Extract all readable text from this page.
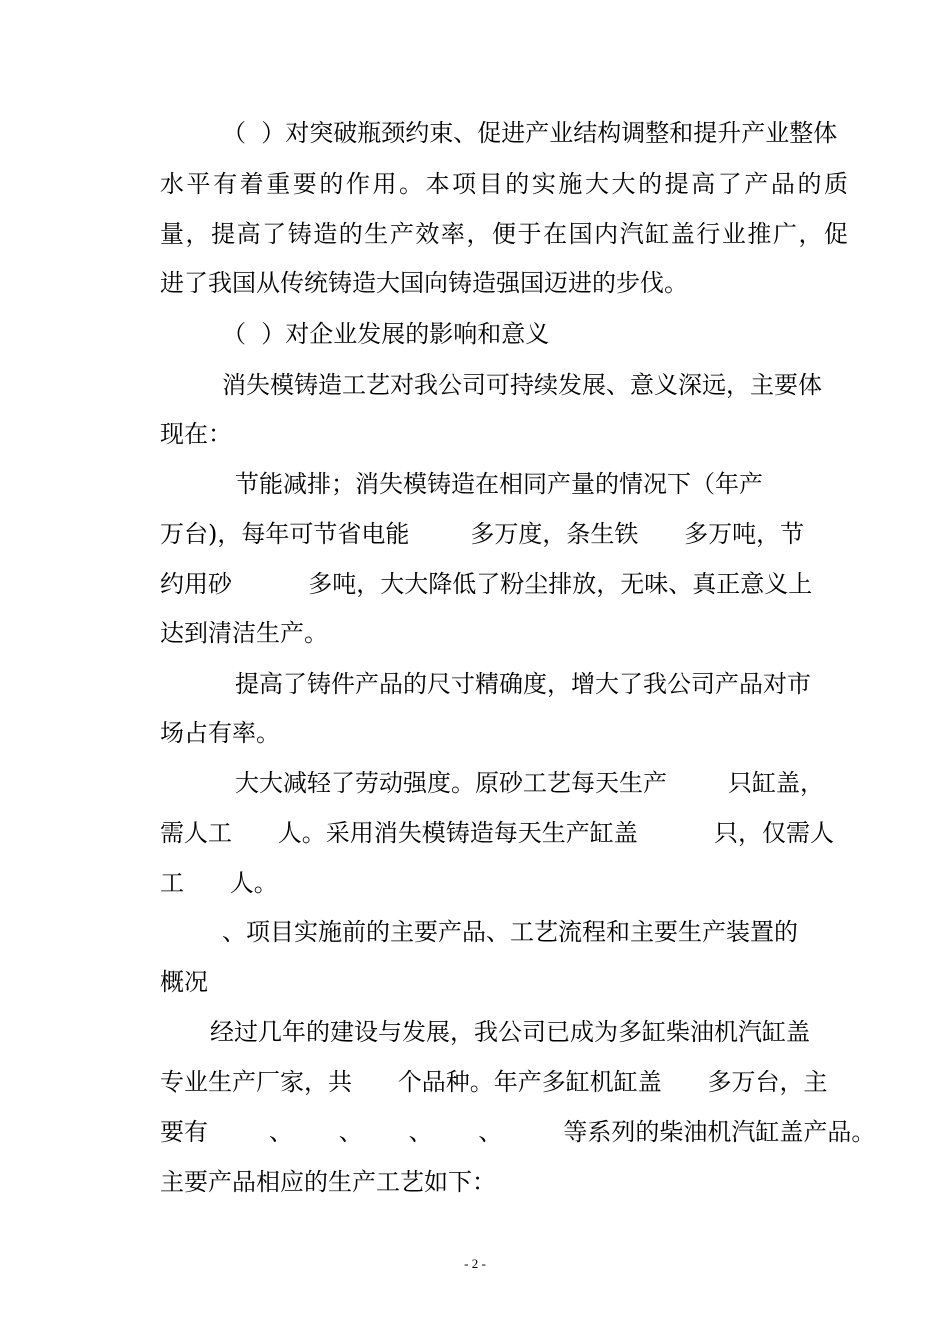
（  ）对突破瓶颈约束、促进产业结构调整和提升产业整体
水平有着重要的作用。本项目的实施大大的提高了产品的质
量，提高了铸造的生产效率，便于在国内汽缸盖行业推广，促
进了我国从传统铸造大国向铸造强国迈进的步伐。
（  ）对企业发展的影响和意义
消失模铸造工艺对我公司可持续发展、意义深远，主要体
现在：
节能减排；消失模铸造在相同产量的情况下（年产
万台)，每年可节省电能        多万度，条生铁      多万吨，节
约用砂          多吨，大大降低了粉尘排放，无味、真正意义上
达到清洁生产。
提高了铸件产品的尺寸精确度，增大了我公司产品对市
场占有率。
大大减轻了劳动强度。原砂工艺每天生产        只缸盖，
需人工      人。采用消失模铸造每天生产缸盖          只，仅需人
工      人。
、项目实施前的主要产品、工艺流程和主要生产装置的
概况
经过几年的建设与发展，我公司已成为多缸柴油机汽缸盖
专业生产厂家，共      个品种。年产多缸机缸盖      多万台，主
要有        、      、      、      、        等系列的柴油机汽缸盖产品。
主要产品相应的生产工艺如下：
- 2 -
